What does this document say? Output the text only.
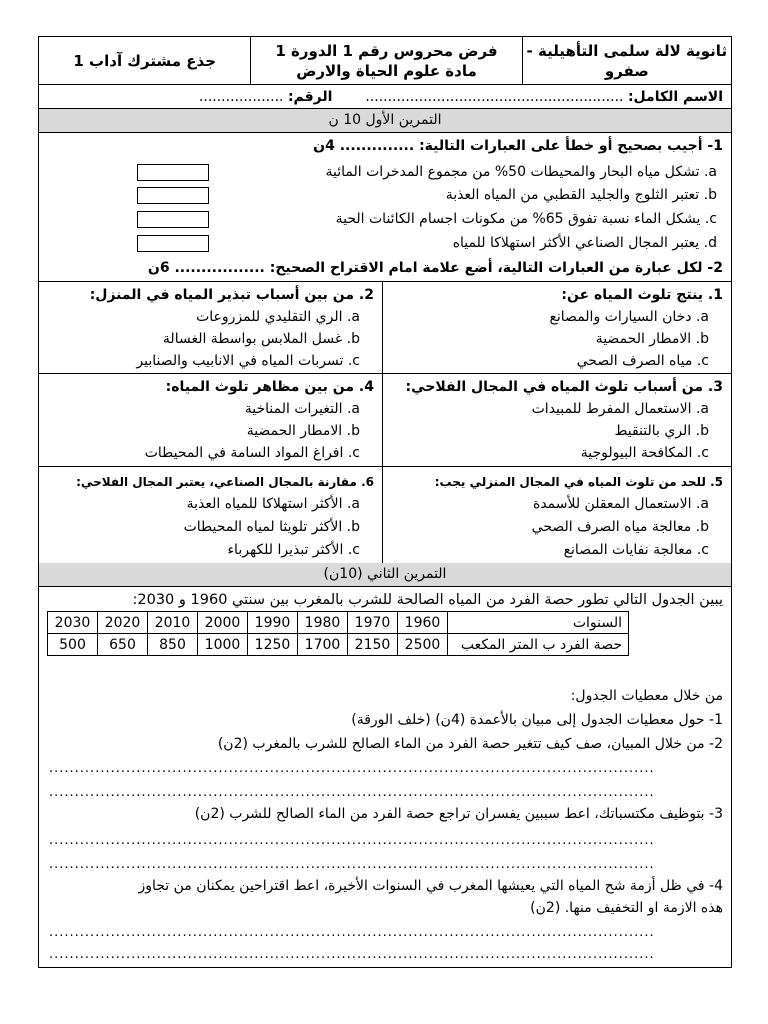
ثانوية لالة سلمى التأهيلية - صفرو
فرض محروس رقم 1 الدورة 1
مادة علوم الحياة والارض
جذع مشترك آداب 1
الاسم الكامل: ..........................................................  الرقم: ...................
التمرين الأول 10 ن
1- أجيب بصحيح أو خطأ على العبارات التالية: .............. 4ن
a. تشكل مياه البحار والمحيطات 50% من مجموع المدخرات المائية
b. تعتبر الثلوج والجليد القطبي من المياه العذبة
c. يشكل الماء نسبة تفوق 65% من مكونات اجسام الكائنات الحية
d. يعتبر المجال الصناعي الأكثر استهلاكا للمياه
2- لكل عبارة من العبارات التالية، أضع علامة امام الاقتراح الصحيح: ................. 6ن
1. ينتج تلوث المياه عن:
a. دخان السيارات والمصانع
b. الامطار الحمضية
c. مياه الصرف الصحي
2. من بين أسباب تبذير المياه في المنزل:
a. الري التقليدي للمزروعات
b. غسل الملابس بواسطة الغسالة
c. تسربات المياه في الانابيب والصنابير
3. من أسباب تلوث المياه في المجال الفلاحي:
a. الاستعمال المفرط للمبيدات
b. الري بالتنقيط
c. المكافحة البيولوجية
4. من بين مظاهر تلوث المياه:
a. التغيرات المناخية
b. الامطار الحمضية
c. افراغ المواد السامة في المحيطات
5. للحد من تلوث المياه في المجال المنزلي يجب:
a. الاستعمال المعقلن للأسمدة
b. معالجة مياه الصرف الصحي
c. معالجة نفايات المصانع
6. مقارنة بالمجال الصناعي، يعتبر المجال الفلاحي:
a. الأكثر استهلاكا للمياه العذبة
b. الأكثر تلويثا لمياه المحيطات
c. الأكثر تبذيرا للكهرباء
التمرين الثاني (10ن)
يبين الجدول التالي تطور حصة الفرد من المياه الصالحة للشرب بالمغرب بين سنتي 1960 و 2030:
السنوات	1960	1970	1980	1990	2000	2010	2020	2030
حصة الفرد ب المتر المكعب	2500	2150	1700	1250	1000	850	650	500
من خلال معطيات الجدول:
1- حول معطيات الجدول إلى مبيان بالأعمدة (4ن) (خلف الورقة)
2- من خلال المبيان، صف كيف تتغير حصة الفرد من الماء الصالح للشرب بالمغرب (2ن)
......................................................................................................................
......................................................................................................................
3- بتوظيف مكتسباتك، اعط سببين يفسران تراجع حصة الفرد من الماء الصالح للشرب (2ن)
......................................................................................................................
......................................................................................................................
4- في ظل أزمة شح المياه التي يعيشها المغرب في السنوات الأخيرة، اعط اقتراحين يمكنان من تجاوز
هذه الازمة او التخفيف منها. (2ن)
......................................................................................................................
......................................................................................................................
